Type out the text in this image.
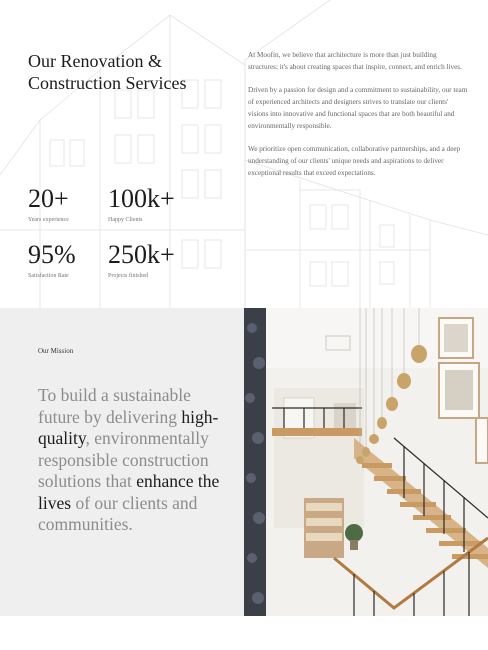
Our Renovation &
Construction Services

At Moofin, we believe that architecture is more than just building structures; it's about creating spaces that inspire, connect, and enrich lives.

Driven by a passion for design and a commitment to sustainability, our team of experienced architects and designers strives to translate our clients' visions into innovative and functional spaces that are both beautiful and environmentally responsible.

We prioritize open communication, collaborative partnerships, and a deep understanding of our clients' unique needs and aspirations to deliver exceptional results that exceed expectations.

20+
Years experience
100k+
Happy Clients
95%
Satisfaction Rate
250k+
Projects finished
Our Mission

To build a sustainable future by delivering high-quality, environmentally responsible construction solutions that enhance the lives of our clients and communities.
